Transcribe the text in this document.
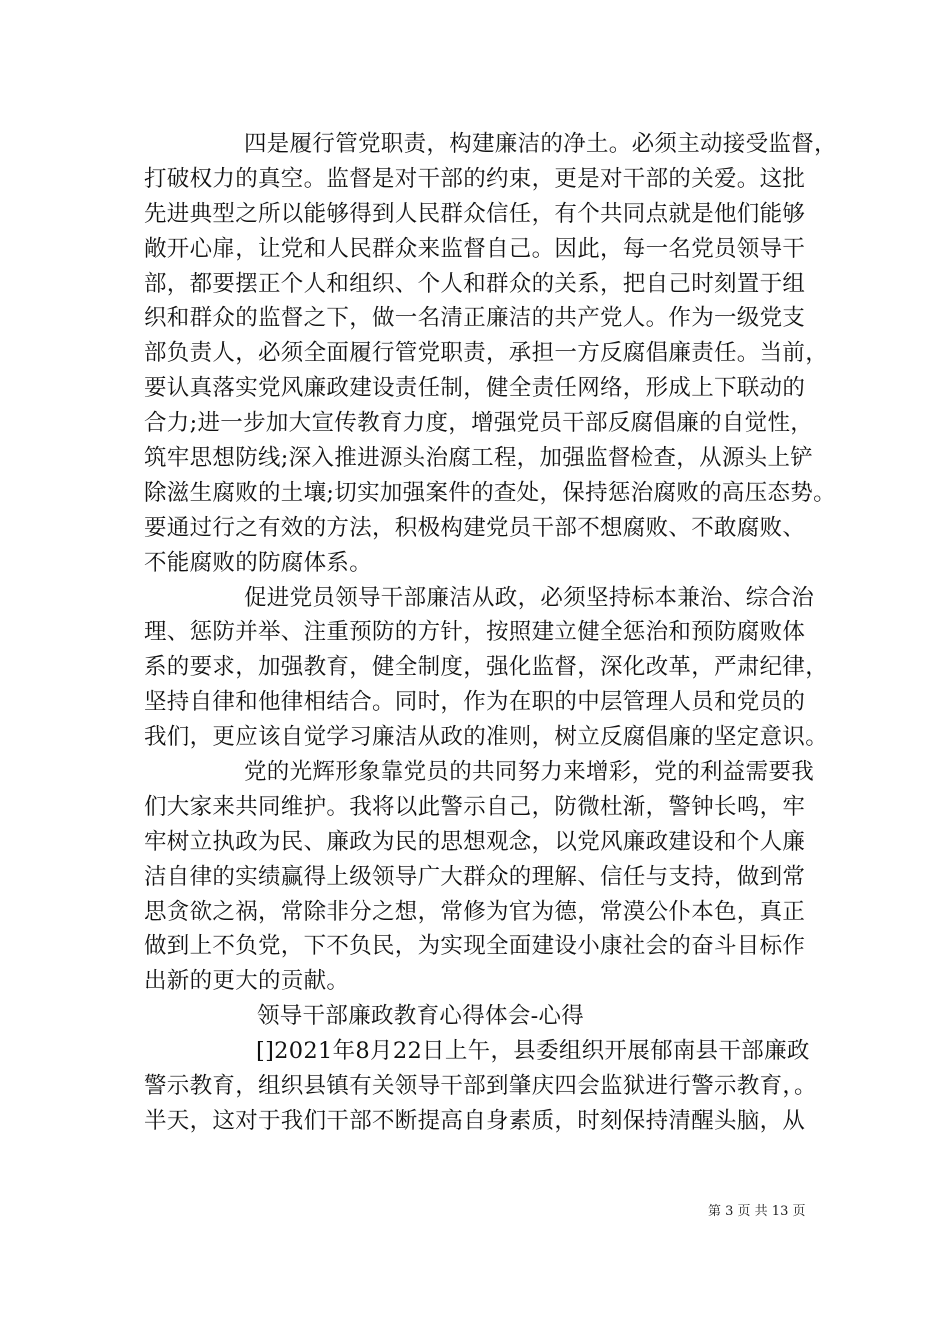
四是履行管党职责，构建廉洁的净土。必须主动接受监督，
打破权力的真空。监督是对干部的约束，更是对干部的关爱。这批
先进典型之所以能够得到人民群众信任，有个共同点就是他们能够
敞开心扉，让党和人民群众来监督自己。因此，每一名党员领导干
部，都要摆正个人和组织、个人和群众的关系，把自己时刻置于组
织和群众的监督之下，做一名清正廉洁的共产党人。作为一级党支
部负责人，必须全面履行管党职责，承担一方反腐倡廉责任。当前，
要认真落实党风廉政建设责任制，健全责任网络，形成上下联动的
合力;进一步加大宣传教育力度，增强党员干部反腐倡廉的自觉性，
筑牢思想防线;深入推进源头治腐工程，加强监督检查，从源头上铲
除滋生腐败的土壤;切实加强案件的查处，保持惩治腐败的高压态势。
要通过行之有效的方法，积极构建党员干部不想腐败、不敢腐败、
不能腐败的防腐体系。
促进党员领导干部廉洁从政，必须坚持标本兼治、综合治
理、惩防并举、注重预防的方针，按照建立健全惩治和预防腐败体
系的要求，加强教育，健全制度，强化监督，深化改革，严肃纪律，
坚持自律和他律相结合。同时，作为在职的中层管理人员和党员的
我们，更应该自觉学习廉洁从政的准则，树立反腐倡廉的坚定意识。
党的光辉形象靠党员的共同努力来增彩，党的利益需要我
们大家来共同维护。我将以此警示自己，防微杜渐，警钟长鸣，牢
牢树立执政为民、廉政为民的思想观念，以党风廉政建设和个人廉
洁自律的实绩赢得上级领导广大群众的理解、信任与支持，做到常
思贪欲之祸，常除非分之想，常修为官为德，常漠公仆本色，真正
做到上不负党，下不负民，为实现全面建设小康社会的奋斗目标作
出新的更大的贡献。
领导干部廉政教育心得体会-心得
[]2021年8月22日上午，县委组织开展郁南县干部廉政
警示教育，组织县镇有关领导干部到肇庆四会监狱进行警示教育，。
半天，这对于我们干部不断提高自身素质，时刻保持清醒头脑，从
第 3 页 共 13 页
